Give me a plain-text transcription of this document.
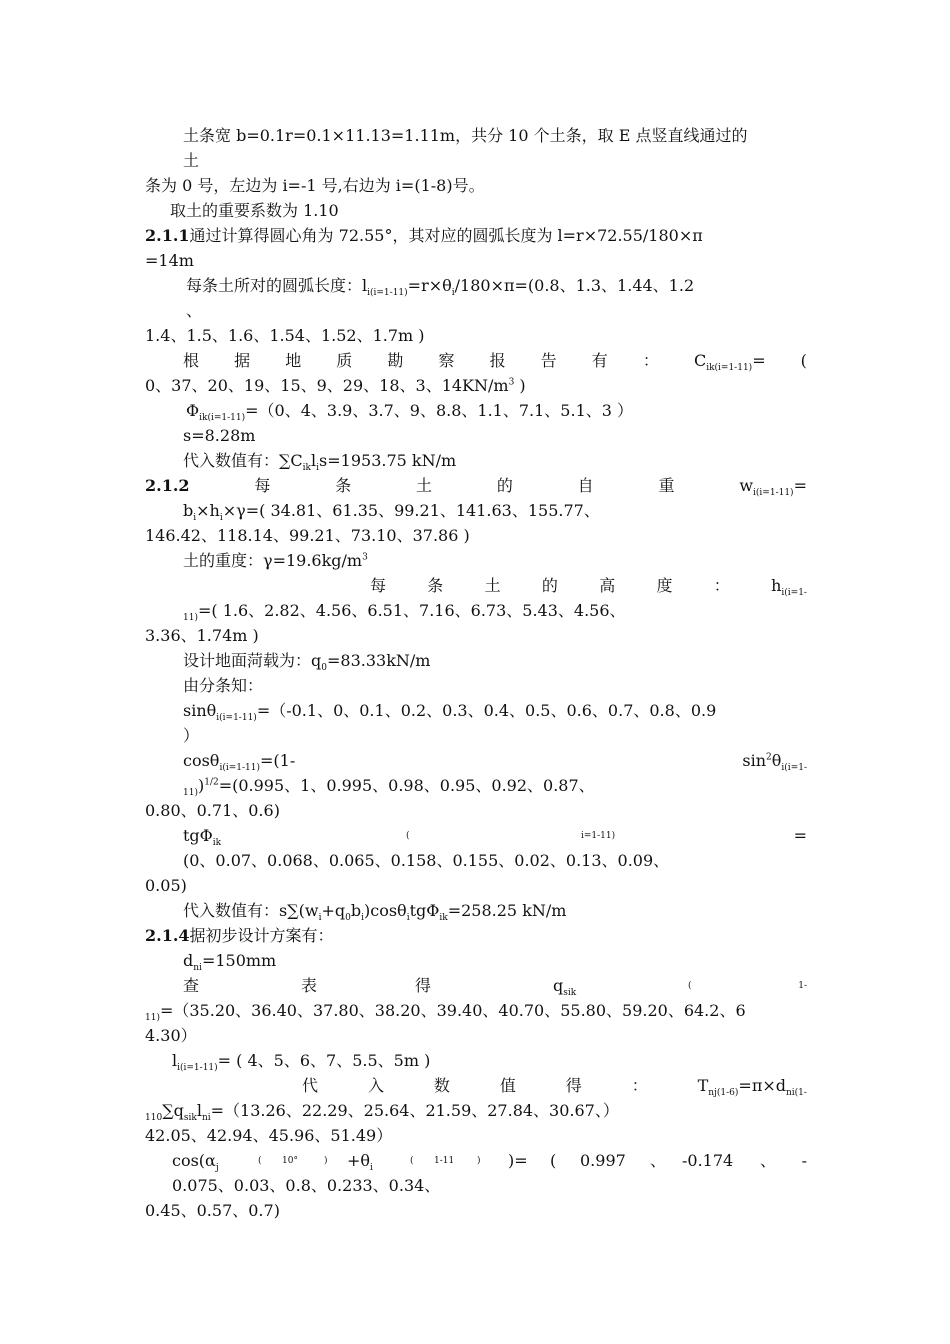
土条宽 b=0.1r=0.1×11.13=1.11m，共分 10 个土条，取 E 点竖直线通过的
土
条为 0 号，左边为 i=-1 号,右边为 i=(1-8)号。
取土的重要系数为 1.10
2.1.1通过计算得圆心角为 72.55°，其对应的圆弧长度为 l=r×72.55/180×π
=14m
每条土所对的圆弧长度：$l_{i(i=1-11)}=r\times\theta_i/180\times\pi=(0.8$、1.3、1.44、1.2
、
1.4、1.5、1.6、1.54、1.52、1.7m )
根 据 地 质 勘 察 报 告 有 ： $C_{ik(i=1-11)}=$ (
0、37、20、19、15、9、29、18、3、$14KN/m^3$ )
$\Phi_{ik(i=1-11)}=(0$、4、3.9、3.7、9、8.8、1.1、7.1、5.1、3 ）
s=8.28m
代入数值有：$\sum C_{ik}l_is=1953.75$ kN/m
2.1.2	每	条	土	的	自	重	$w_{i(i=1-11)}=$
$b_i\times h_i\times\gamma=$( 34.81、61.35、99.21、141.63、155.77、
146.42、118.14、99.21、73.10、37.86 )
土的重度：$\gamma=19.6kg/m^3$
每	条	土	的	高	度	：	$h_{i(i=1-}$
$_{11)}$=( 1.6、2.82、4.56、6.51、7.16、6.73、5.43、4.56、
3.36、1.74m )
设计地面菏载为：$q_0=83.33kN/m$
由分条知：
sinθ$_{i(i=1-11)}$=（-0.1、0、0.1、0.2、0.3、0.4、0.5、0.6、0.7、0.8、0.9
）
cosθ$_{i(i=1-11)}$=(1-	$\sin^2\theta_{i(i=1-}$
$_{11)}$)$^{1/2}$=(0.995、1、0.995、0.98、0.95、0.92、0.87、
0.80、0.71、0.6)
tgΦ$_{ik}$
(	i=1-11)	=
(0、0.07、0.068、0.065、0.158、0.155、0.02、0.13、0.09、
0.05)
代入数值有：$s\sum(w_i+q_0b_i)\cos\theta_itg\Phi_{ik}=258.25$ kN/m
2.1.4据初步设计方案有：
$d_{ni}=150mm$
查	表	得	$q_{sik}$
(	1-
$_{11)}$=（35.20、36.40、37.80、38.20、39.40、40.70、55.80、59.20、64.2、6
4.30）
$l_{i(i=1-11)}=$ ( 4、5、6、7、5.5、5m )
代	入	数	值	得	：	$T_{nj(1-6)}=\pi\times d_{ni(1-}$
$_{110}\sum q_{sik}l_{ni}=(13.26$、22.29、25.64、21.59、27.84、30.67、）
42.05、42.94、45.96、51.49）
$\cos(\alpha_j$
( 10°	) $+\theta_i$
( 1-11	) )= ( 0.997 、 -0.174 、 -
0.075、0.03、0.8、0.233、0.34、
0.45、0.57、0.7)
